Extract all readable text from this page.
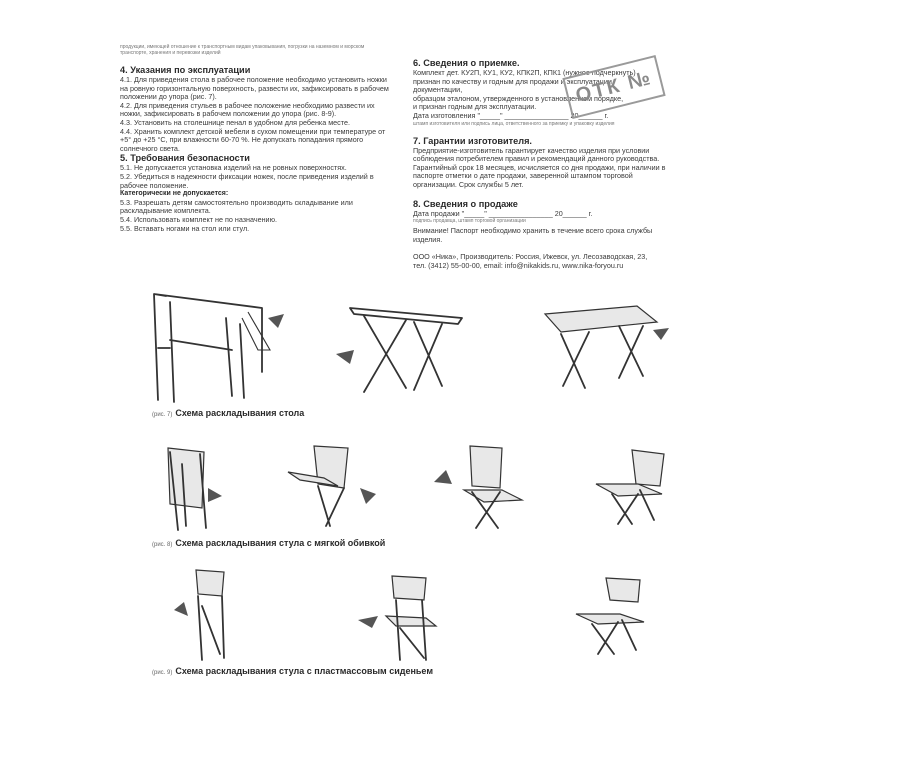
продукции, имеющей отношение к транспортным видам упаковывания, погрузки на наземном и морском транспорте, хранения и перевозки изделий

4. Указания по эксплуатации

4.1. Для приведения стола в рабочее положение необходимо установить ножки на ровную горизонтальную поверхность, развести их, зафиксировать в рабочем положении до упора (рис. 7).

4.2. Для приведения стульев в рабочее положение необходимо развести их ножки, зафиксировать в рабочем положении до упора (рис. 8-9).

4.3. Установить на столешнице пенал в удобном для ребенка месте.

4.4. Хранить комплект детской мебели в сухом помещении при температуре от +5° до +25 °С, при влажности 60-70 %. Не допускать попадания прямого солнечного света.

5. Требования безопасности

5.1. Не допускается установка изделий на не ровных поверхностях.

5.2. Убедиться в надежности фиксации ножек, после приведения изделий в рабочее положение.

Категорически не допускается:

5.3. Разрешать детям самостоятельно производить складывание или раскладывание комплекта.

5.4. Использовать комплект не по назначению.

5.5. Вставать ногами на стол или стул.

6. Сведения о приемке.

Комплект дет. КУ2П, КУ1, КУ2, КПК2П, КПК1 (нужное подчеркнуть)

признан по качеству и годным для продажи и эксплуатации,

документации,

образцом эталоном, утвержденного в установленном порядке,

и признан годным для эксплуатации.

Дата изготовления "_____" ________________ 20______ г.

штамп изготовителя или подпись лица, ответственного за приемку и упаковку изделия

7. Гарантии изготовителя.

Предприятие-изготовитель гарантирует качество изделия при условии соблюдения потребителем правил и рекомендаций данного руководства. Гарантийный срок 18 месяцев, исчисляется со дня продажи, при наличии в паспорте отметки о дате продажи, заверенной штампом торговой организации. Срок службы 5 лет.

8. Сведения о продаже

Дата продажи "_____" ________________ 20______ г.

подпись продавца, штамп торговой организации

Внимание! Паспорт необходимо хранить в течение всего срока службы изделия.

ООО «Ника», Производитель: Россия, Ижевск, ул. Лесозаводская, 23,

тел. (3412) 55-00-00, email: info@nikakids.ru, www.nika-foryou.ru

ОТК №
(рис. 7) Схема раскладывания стола
(рис. 8) Схема раскладывания стула с мягкой обивкой
(рис. 9) Схема раскладывания стула с пластмассовым сиденьем
